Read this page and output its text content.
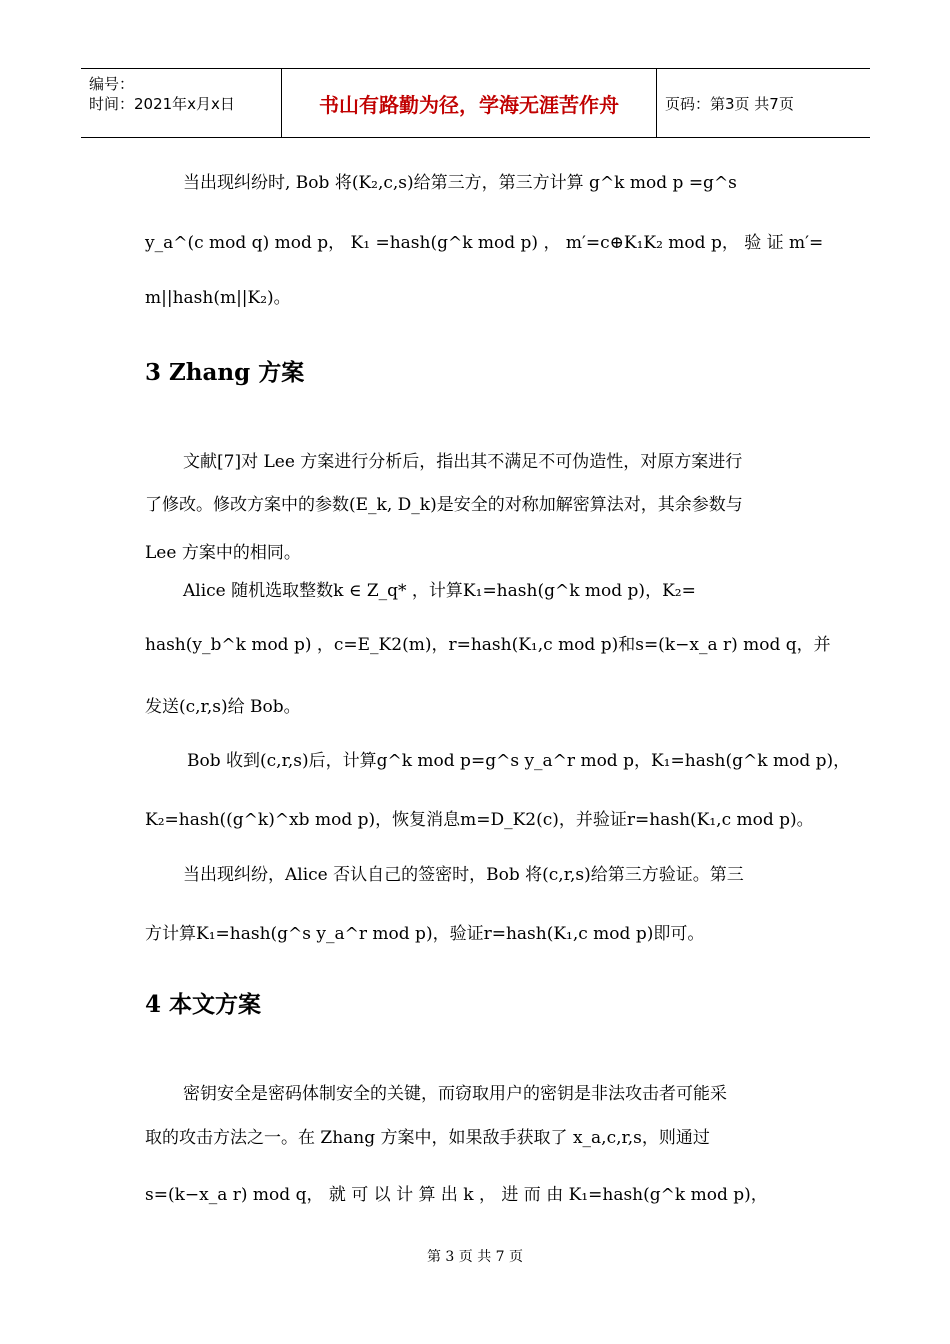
编号：
时间：2021年x月x日	书山有路勤为径，学海无涯苦作舟	页码：第3页 共7页
当出现纠纷时, Bob 将(K₂,c,s)给第三方，第三方计算 g^k mod p =g^s
y_a^(c mod q) mod p， K₁ =hash(g^k mod p) ， m′=c⊕K₁K₂ mod p， 验 证 m′=
m||hash(m||K₂)。
3 Zhang 方案
文献[7]对 Lee 方案进行分析后，指出其不满足不可伪造性，对原方案进行
了修改。修改方案中的参数(E_k, D_k)是安全的对称加解密算法对，其余参数与
Lee 方案中的相同。
Alice 随机选取整数k ∈ Z_q* ，计算K₁=hash(g^k mod p)，K₂=
hash(y_b^k mod p) ，c=E_K2(m)，r=hash(K₁,c mod p)和s=(k−x_a r) mod q，并
发送(c,r,s)给 Bob。
Bob 收到(c,r,s)后，计算g^k mod p=g^s y_a^r mod p，K₁=hash(g^k mod p)，
K₂=hash((g^k)^xb mod p)，恢复消息m=D_K2(c)，并验证r=hash(K₁,c mod p)。
当出现纠纷，Alice 否认自己的签密时，Bob 将(c,r,s)给第三方验证。第三
方计算K₁=hash(g^s y_a^r mod p)，验证r=hash(K₁,c mod p)即可。
4 本文方案
密钥安全是密码体制安全的关键，而窃取用户的密钥是非法攻击者可能采
取的攻击方法之一。在 Zhang 方案中，如果敌手获取了 x_a,c,r,s，则通过
s=(k−x_a r) mod q， 就 可 以 计 算 出 k ， 进 而 由 K₁=hash(g^k mod p)，
第 3 页 共 7 页
